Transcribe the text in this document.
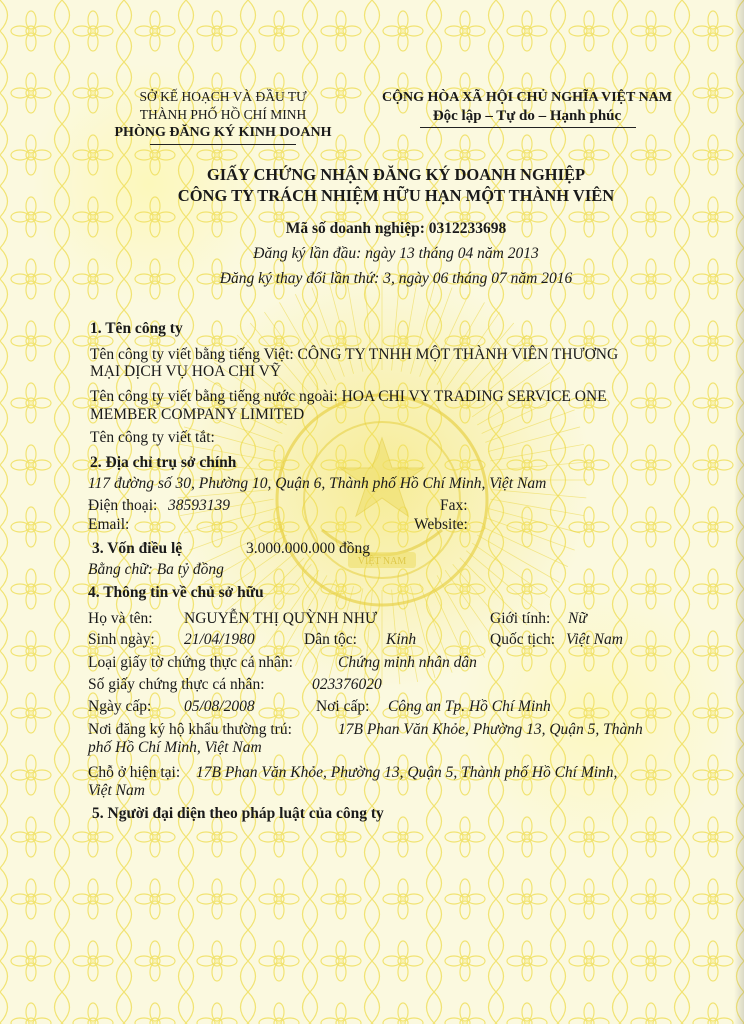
VIỆT NAM
SỞ KẾ HOẠCH VÀ ĐẦU TƯ
THÀNH PHỐ HỒ CHÍ MINH
PHÒNG ĐĂNG KÝ KINH DOANH
CỘNG HÒA XÃ HỘI CHỦ NGHĨA VIỆT NAM
Độc lập – Tự do – Hạnh phúc
GIẤY CHỨNG NHẬN ĐĂNG KÝ DOANH NGHIỆP
CÔNG TY TRÁCH NHIỆM HỮU HẠN MỘT THÀNH VIÊN
Mã số doanh nghiệp: 0312233698
Đăng ký lần đầu: ngày 13 tháng 04 năm 2013
Đăng ký thay đổi lần thứ: 3, ngày 06 tháng 07 năm 2016
1. Tên công ty
Tên công ty viết bằng tiếng Việt: CÔNG TY TNHH MỘT THÀNH VIÊN THƯƠNG
MẠI DỊCH VỤ HOA CHI VỸ
Tên công ty viết bằng tiếng nước ngoài: HOA CHI VY TRADING SERVICE ONE
MEMBER COMPANY LIMITED
Tên công ty viết tắt:
2. Địa chỉ trụ sở chính
117 đường số 30, Phường 10, Quận 6, Thành phố Hồ Chí Minh, Việt Nam
Điện thoại: 38593139	Fax:
Email:	Website:
3. Vốn điều lệ	3.000.000.000 đồng
Bằng chữ: Ba tỷ đồng
4. Thông tin về chủ sở hữu
Họ và tên: NGUYỄN THỊ QUỲNH NHƯ	Giới tính: Nữ
Sinh ngày: 21/04/1980	Dân tộc: Kinh	Quốc tịch: Việt Nam
Loại giấy tờ chứng thực cá nhân:	Chứng minh nhân dân
Số giấy chứng thực cá nhân:	023376020
Ngày cấp: 05/08/2008	Nơi cấp: Công an Tp. Hồ Chí Minh
Nơi đăng ký hộ khẩu thường trú:	17B Phan Văn Khỏe, Phường 13, Quận 5, Thành
phố Hồ Chí Minh, Việt Nam
Chỗ ở hiện tại: 17B Phan Văn Khỏe, Phường 13, Quận 5, Thành phố Hồ Chí Minh,
Việt Nam
5. Người đại diện theo pháp luật của công ty
